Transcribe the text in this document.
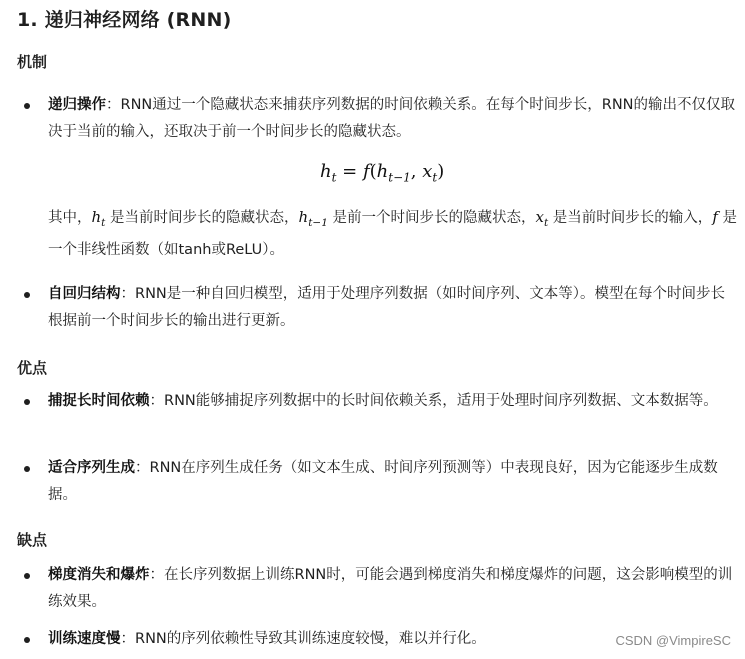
1. 递归神经网络 (RNN)
机制
递归操作：RNN通过一个隐藏状态来捕获序列数据的时间依赖关系。在每个时间步长，RNN的输出不仅仅取决于当前的输入，还取决于前一个时间步长的隐藏状态。
$h_t = f(h_{t-1}$, $x_t$)
其中，$h_t$ 是当前时间步长的隐藏状态，$h_{t-1}$ 是前一个时间步长的隐藏状态，$x_t$ 是当前时间步长的输入，f 是一个非线性函数（如tanh或ReLU）。
自回归结构：RNN是一种自回归模型，适用于处理序列数据（如时间序列、文本等）。模型在每个时间步长根据前一个时间步长的输出进行更新。
优点
捕捉长时间依赖：RNN能够捕捉序列数据中的长时间依赖关系，适用于处理时间序列数据、文本数据等。
适合序列生成：RNN在序列生成任务（如文本生成、时间序列预测等）中表现良好，因为它能逐步生成数据。
缺点
梯度消失和爆炸：在长序列数据上训练RNN时，可能会遇到梯度消失和梯度爆炸的问题，这会影响模型的训练效果。
训练速度慢：RNN的序列依赖性导致其训练速度较慢，难以并行化。	CSDN @VimpireSC
